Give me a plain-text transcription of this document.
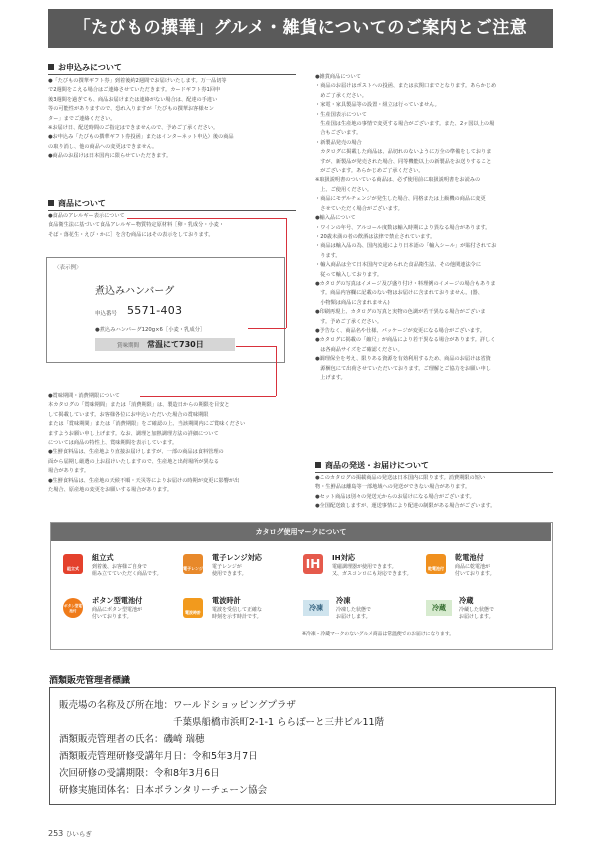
「たびもの撰華」グルメ・雑貨についてのご案内とご注意
お申込みについて
●「たびもの撰華ギフト券」到着後約2週間でお届けいたします。万一品切等
で2週間をこえる場合はご連絡させていただきます。カードギフト券1回申
後3週間を過ぎても、商品お届けまたは連絡がない場合は、配達の手違い
等の可能性がありますので、恐れ入りますが「たびもの撰華お客様セン
ター」までご連絡ください。
※お届け日、配送時間のご指定はできませんので、予めご了承ください。
●お申込み「たびもの撰華ギフト券投函」またはインターネット申込）後の商品
の取り消し、他の商品への変更はできません。
●商品のお届けは日本国内に限らせていただきます。
商品について
●食品のアレルギー表示について
食品衛生法に基づいて食品アレルギー物質特定原材料［卵・乳成分・小麦・
そば・落花生・えび・かに］を含む商品にはその表示をしております。
〈表示例〉
煮込みハンバーグ
申込番号 5571-403
●煮込みハンバーグ120g×6［小麦・乳成分］
賞味期間 常温にて730日
●賞味期間・消費期限について
本カタログの「賞味期間」または「消費期限」は、製造日からの期限を目安と
して掲載しています。お客様各位にお申込いただいた場合の賞味期限
または「賞味期間」または「消費期限」をご確認の上、当該期間内にご賞味ください
ますようお願い申し上げます。なお、調理と加熱調理方法の詳細について
については商品の特性上、賞味期間を表示しています。
●生鮮食料品は、生産地より直接お届けしますが、一部の商品は食料管理の
面から届期し厳選の上お届けいたしますので、生産地と出荷場所が異なる
場合があります。
●生鮮食料品は、生産地の天候不順・天災等によりお届けの時期が変更に影響が出
た場合、原産地の変更をお願いする場合があります。
●雑貨商品について
・商品のお届けはポストへの投函、または玄関口までとなります。あらかじめ
　めご了承ください。
・家電・家具製品等の設置・組立は行っていません。
・生産国表示について
　生産国は生産地の事情で変更する場合がございます。また、2ヶ国以上の場
　合もございます。
・新製品発売の場合
　カタログに掲載した商品は、品切れのないように万全の準備をしておりま
　すが、新製品が発売された場合、同等機能以上の新製品をお送りすること
　がございます。あらかじめご了承ください。
※取扱説明書のついている商品は、必ず使用前に取扱説明書をお読みの
　上、ご使用ください。
・商品にモデルチェンジが発生した場合、同格または上級機の商品に変更
　させていただく場合がございます。
●輸入品について
・ワインの年号、アルコール度数は輸入時期により異なる場合があります。
・20歳未満の者の飲酒は法律で禁止されています。
・商品は輸入品の為、国内流通により日本語の「輸入シール」が貼付されてお
　ります。
・輸入商品は全て日本国内で定められた食品衛生法、その他関連法令に
　従って輸入しております。
●カタログの写真はイメージ及び盛り付け・料理例のイメージの場合もありま
　す。商品内容欄に記載のない物はお届けに含まれておりません。(器、
　小物類は商品に含まれません)
●印刷再現上、カタログの写真と実物の色調が若干異なる場合がございま
　す。予めご了承ください。
●予告なく、商品名や仕様、パッケージが変更になる場合がございます。
●カタログに掲載の「縮尺」が商品により若干異なる場合があります。詳しく
　は各商品サイズをご確認ください。
●調理保全を考え、限りある資源を有効利用するため、商品のお届けは省資
　源梱包にて出荷させていただいております。ご理解とご協力をお願い申し
　上げます。
商品の発送・お届けについて
●このカタログの掲載商品の発送は日本国内に限ります。消費期限の短い
物・生鮮品は離島等一部地域への発送ができない場合があります。
●セット商品は別々の発送元からのお届けになる場合がございます。
●全国配送致しますが、運送事情により配達の制限がある場合がございます。
カタログ使用マークについて
組立式
組立式
到着後、お客様ご自身で
組み立てていただく商品です。
電子レンジ
電子レンジ対応
電子レンジが
使用できます。
IH	IH対応
電磁調理器が使用できます。
又、ガスコンロにも対応できます。
乾電池付
乾電池付
商品に乾電池が
付いております。
ボタン型電池付
ボタン型電池付
商品にボタン型電池が
付いております。
電波時計
電波時計
電波を受信して正確な
時刻を示す時計です。
冷凍
冷凍
冷凍した状態で
お届けします。
冷蔵
冷蔵
冷蔵した状態で
お届けします。
※冷凍・冷蔵マークのないグルメ商品は常温便でのお届けになります。
酒類販売管理者標識
販売場の名称及び所在地：ワールドショッピングプラザ
千葉県船橋市浜町2-1-1 ららぽーと三井ビル11階
酒類販売管理者の氏名：磯崎 瑞穂
酒類販売管理研修受講年月日：令和5年3月7日
次回研修の受講期限：令和8年3月6日
研修実施団体名：日本ボランタリーチェーン協会
253 ひいらぎ
